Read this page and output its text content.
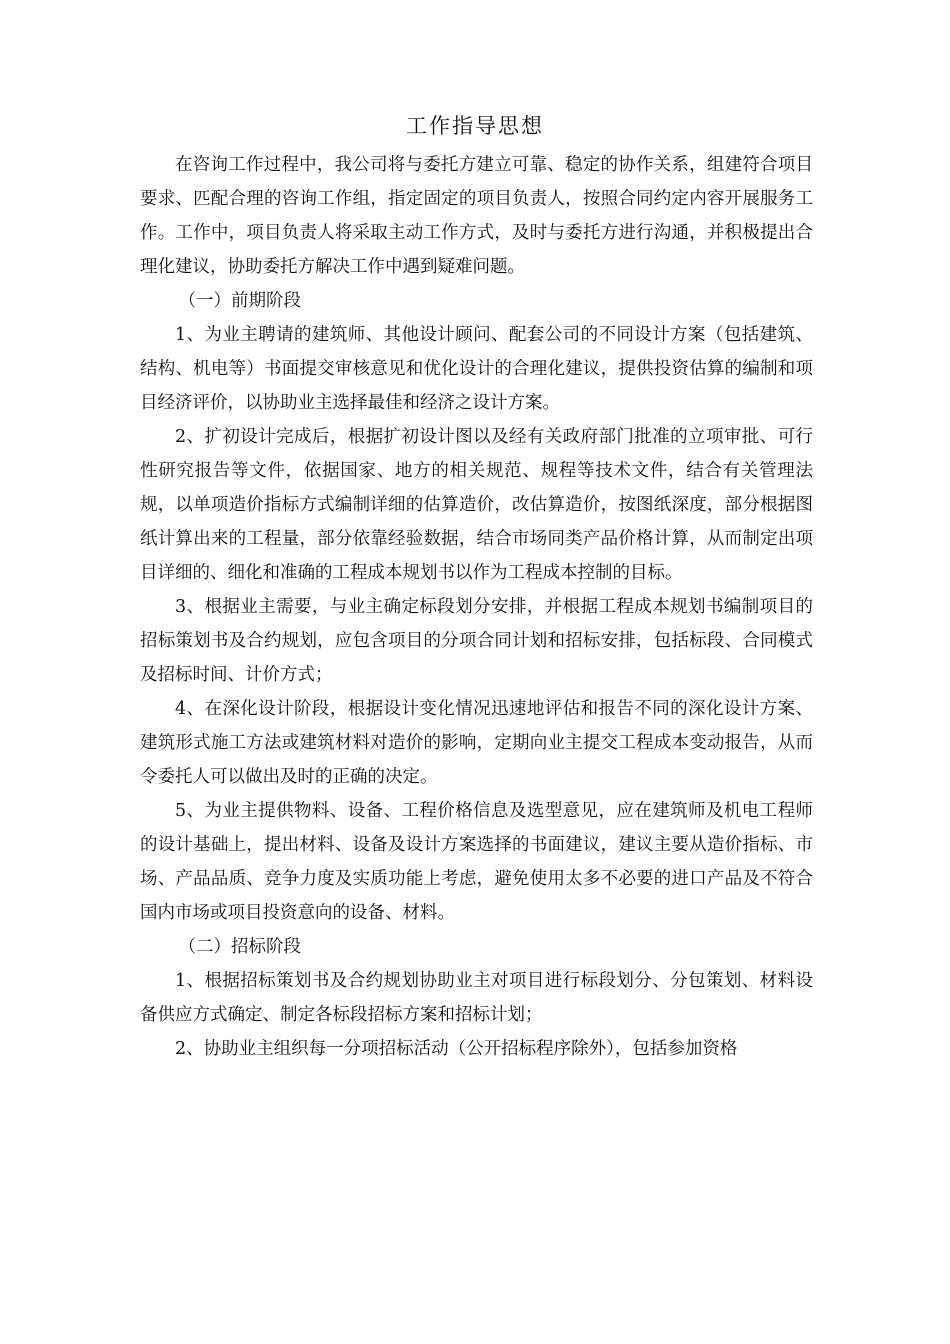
工作指导思想

在咨询工作过程中，我公司将与委托方建立可靠、稳定的协作关系，组建符合项目要求、匹配合理的咨询工作组，指定固定的项目负责人，按照合同约定内容开展服务工作。工作中，项目负责人将采取主动工作方式，及时与委托方进行沟通，并积极提出合理化建议，协助委托方解决工作中遇到疑难问题。

（一）前期阶段

1、为业主聘请的建筑师、其他设计顾问、配套公司的不同设计方案（包括建筑、结构、机电等）书面提交审核意见和优化设计的合理化建议，提供投资估算的编制和项目经济评价，以协助业主选择最佳和经济之设计方案。

2、扩初设计完成后，根据扩初设计图以及经有关政府部门批准的立项审批、可行性研究报告等文件，依据国家、地方的相关规范、规程等技术文件，结合有关管理法规，以单项造价指标方式编制详细的估算造价，改估算造价，按图纸深度，部分根据图纸计算出来的工程量，部分依靠经验数据，结合市场同类产品价格计算，从而制定出项目详细的、细化和准确的工程成本规划书以作为工程成本控制的目标。

3、根据业主需要，与业主确定标段划分安排，并根据工程成本规划书编制项目的招标策划书及合约规划，应包含项目的分项合同计划和招标安排，包括标段、合同模式及招标时间、计价方式；

4、在深化设计阶段，根据设计变化情况迅速地评估和报告不同的深化设计方案、建筑形式施工方法或建筑材料对造价的影响，定期向业主提交工程成本变动报告，从而令委托人可以做出及时的正确的决定。

5、为业主提供物料、设备、工程价格信息及选型意见，应在建筑师及机电工程师的设计基础上，提出材料、设备及设计方案选择的书面建议，建议主要从造价指标、市场、产品品质、竞争力度及实质功能上考虑，避免使用太多不必要的进口产品及不符合国内市场或项目投资意向的设备、材料。

（二）招标阶段

1、根据招标策划书及合约规划协助业主对项目进行标段划分、分包策划、材料设备供应方式确定、制定各标段招标方案和招标计划；

2、协助业主组织每一分项招标活动（公开招标程序除外），包括参加资格
